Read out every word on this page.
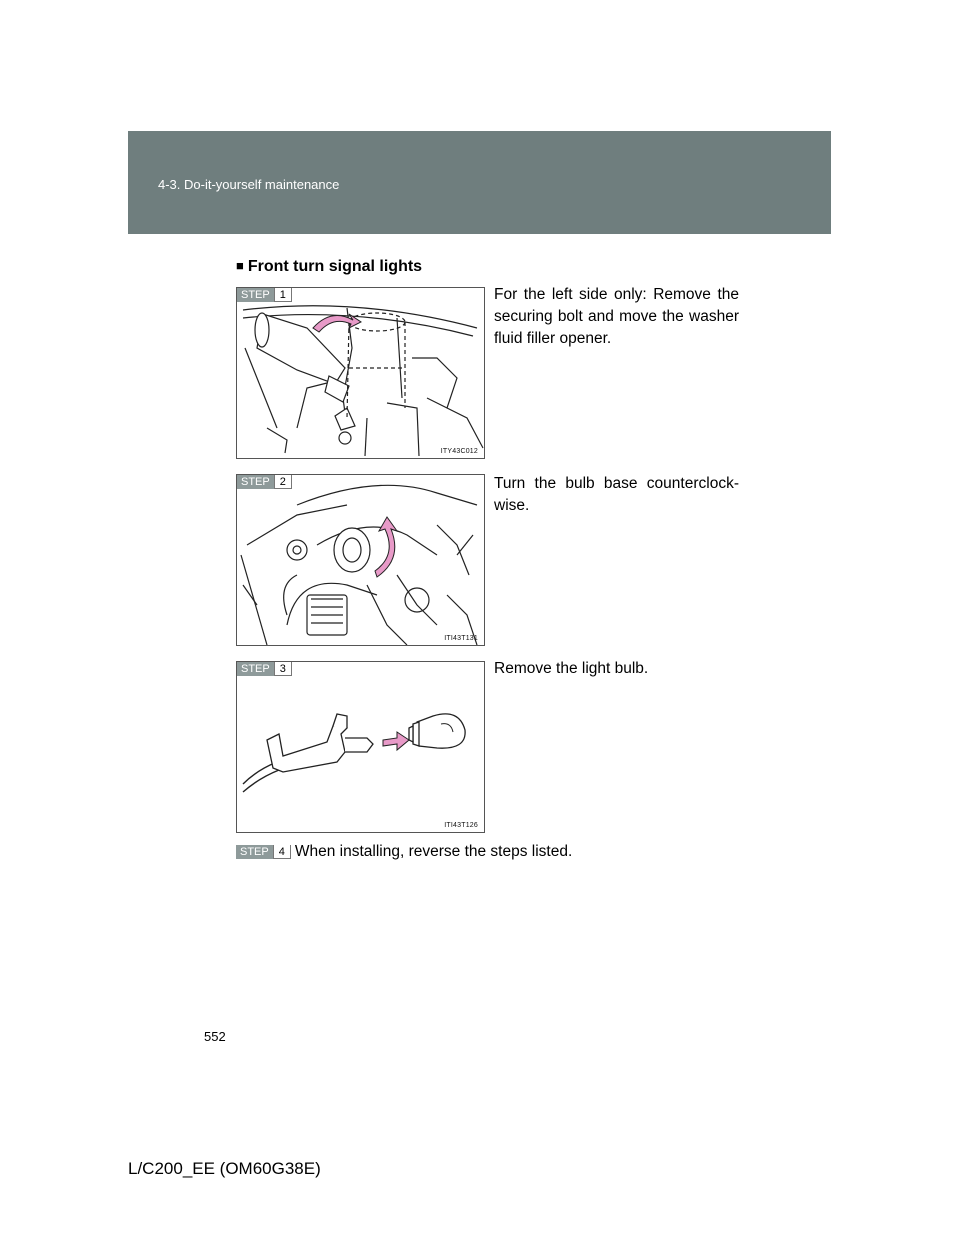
4-3. Do-it-yourself maintenance
■ Front turn signal lights
STEP 1
ITY43C012
For the left side only: Remove the securing bolt and move the washer fluid filler opener.
STEP 2
ITI43T131
Turn the bulb base counterclock-wise.
STEP 3
ITI43T126
Remove the light bulb.
STEP 4 When installing, reverse the steps listed.
552
L/C200_EE (OM60G38E)
